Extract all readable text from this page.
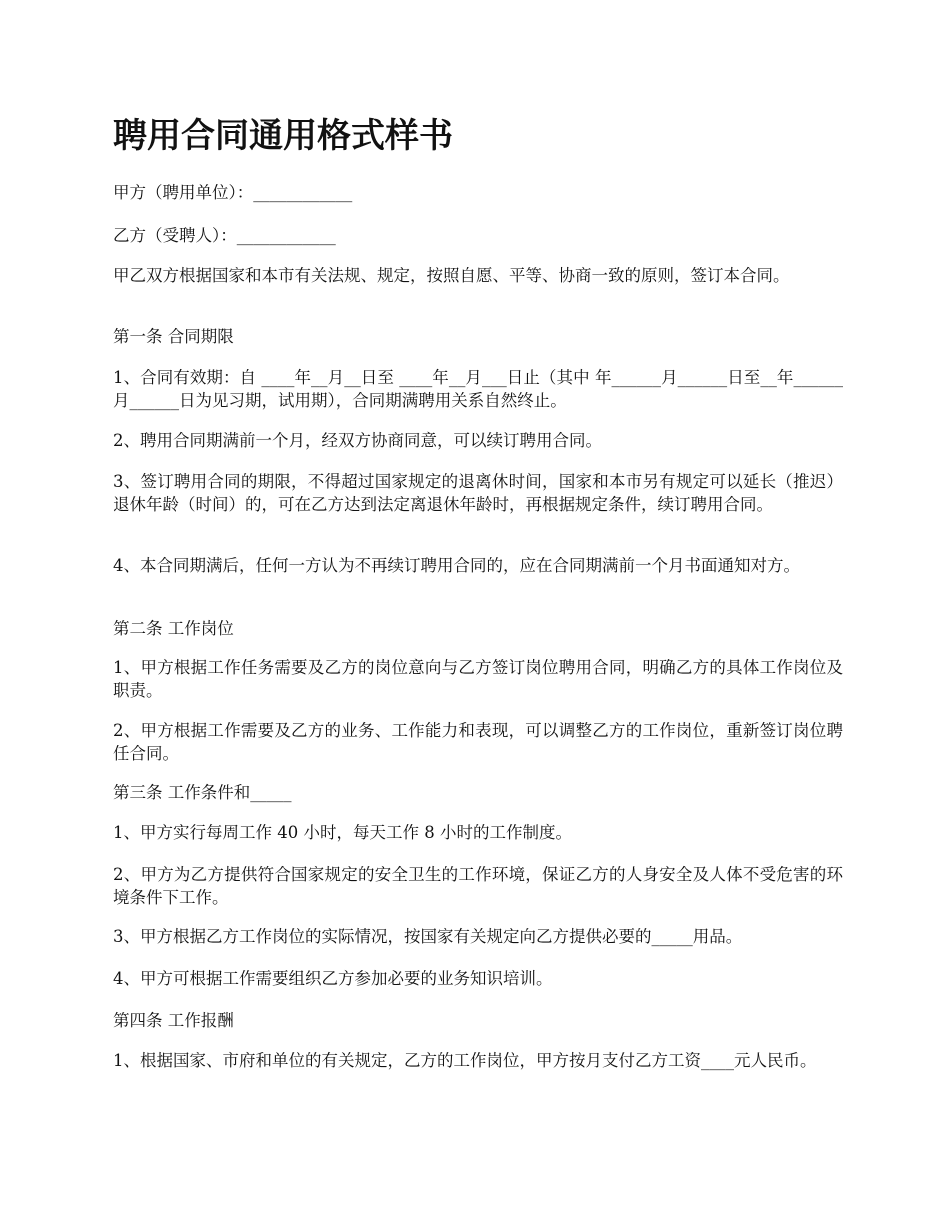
聘用合同通用格式样书

甲方（聘用单位）：____________

乙方（受聘人）：____________

甲乙双方根据国家和本市有关法规、规定，按照自愿、平等、协商一致的原则，签订本合同。

第一条 合同期限

1、合同有效期：自 ____年__月__日至 ____年__月___日止（其中 年______月______日至__年______月______日为见习期，试用期），合同期满聘用关系自然终止。

2、聘用合同期满前一个月，经双方协商同意，可以续订聘用合同。

3、签订聘用合同的期限，不得超过国家规定的退离休时间，国家和本市另有规定可以延长（推迟）退休年龄（时间）的，可在乙方达到法定离退休年龄时，再根据规定条件，续订聘用合同。

4、本合同期满后，任何一方认为不再续订聘用合同的，应在合同期满前一个月书面通知对方。

第二条 工作岗位

1、甲方根据工作任务需要及乙方的岗位意向与乙方签订岗位聘用合同，明确乙方的具体工作岗位及职责。

2、甲方根据工作需要及乙方的业务、工作能力和表现，可以调整乙方的工作岗位，重新签订岗位聘任合同。

第三条 工作条件和_____

1、甲方实行每周工作 40 小时，每天工作 8 小时的工作制度。

2、甲方为乙方提供符合国家规定的安全卫生的工作环境，保证乙方的人身安全及人体不受危害的环境条件下工作。

3、甲方根据乙方工作岗位的实际情况，按国家有关规定向乙方提供必要的_____用品。

4、甲方可根据工作需要组织乙方参加必要的业务知识培训。

第四条 工作报酬

1、根据国家、市府和单位的有关规定，乙方的工作岗位，甲方按月支付乙方工资____元人民币。
